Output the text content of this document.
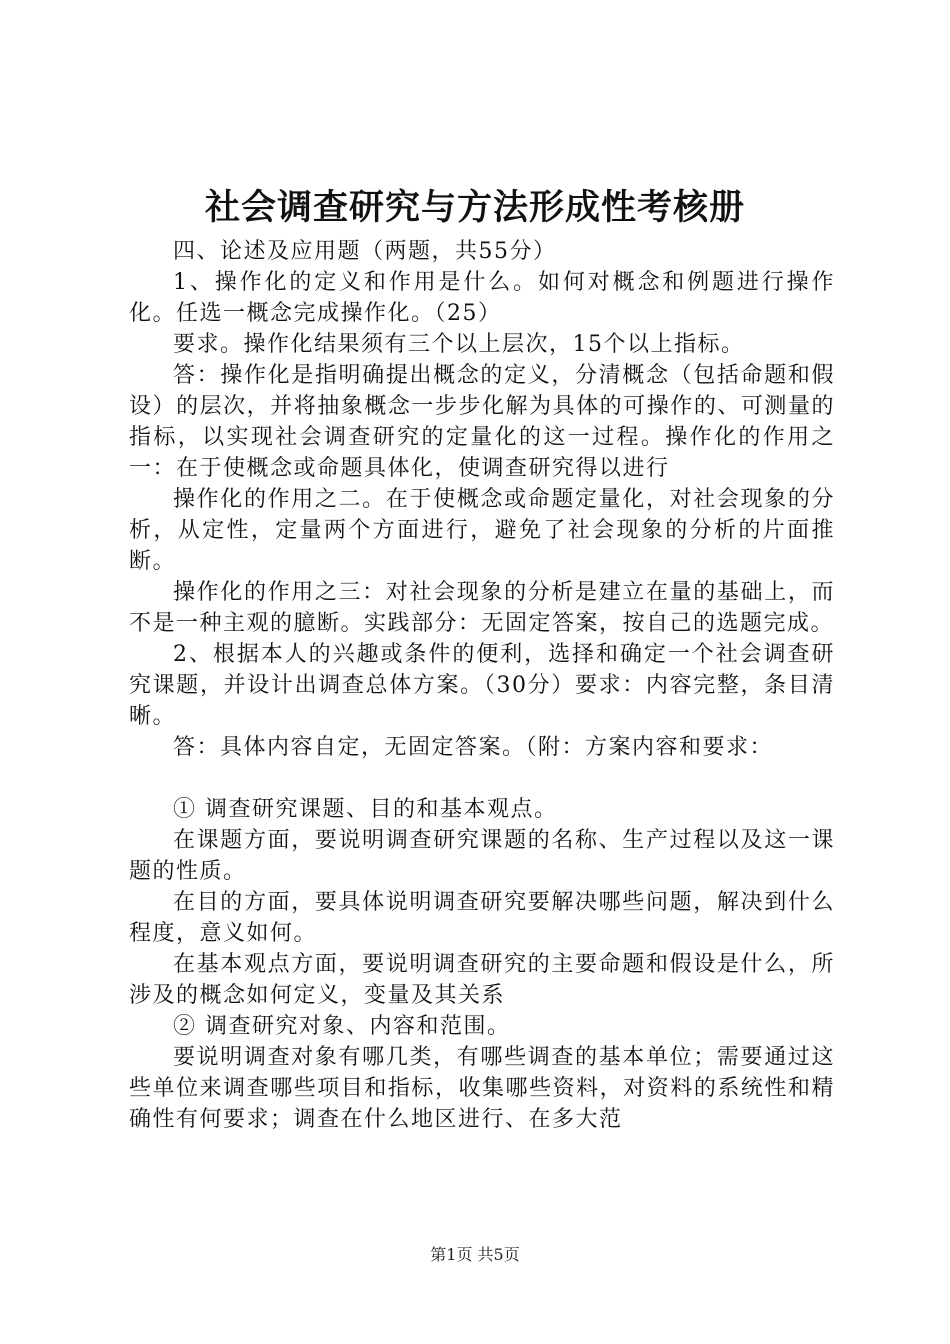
社会调查研究与方法形成性考核册

四、论述及应用题（两题，共55分）

1、操作化的定义和作用是什么。如何对概念和例题进行操作化。任选一概念完成操作化。（25）

要求。操作化结果须有三个以上层次，15个以上指标。

答：操作化是指明确提出概念的定义，分清概念（包括命题和假设）的层次，并将抽象概念一步步化解为具体的可操作的、可测量的指标，以实现社会调查研究的定量化的这一过程。操作化的作用之一：在于使概念或命题具体化，使调查研究得以进行

操作化的作用之二。在于使概念或命题定量化，对社会现象的分析，从定性，定量两个方面进行，避免了社会现象的分析的片面推断。

操作化的作用之三：对社会现象的分析是建立在量的基础上，而不是一种主观的臆断。实践部分：无固定答案，按自己的选题完成。

2、根据本人的兴趣或条件的便利，选择和确定一个社会调查研究课题，并设计出调查总体方案。（30分）要求：内容完整，条目清晰。

答：具体内容自定，无固定答案。（附：方案内容和要求：

① 调查研究课题、目的和基本观点。

在课题方面，要说明调查研究课题的名称、生产过程以及这一课题的性质。

在目的方面，要具体说明调查研究要解决哪些问题，解决到什么程度，意义如何。

在基本观点方面，要说明调查研究的主要命题和假设是什么，所涉及的概念如何定义，变量及其关系

② 调查研究对象、内容和范围。

要说明调查对象有哪几类，有哪些调查的基本单位；需要通过这些单位来调查哪些项目和指标，收集哪些资料，对资料的系统性和精确性有何要求；调查在什么地区进行、在多大范

第1页 共5页
